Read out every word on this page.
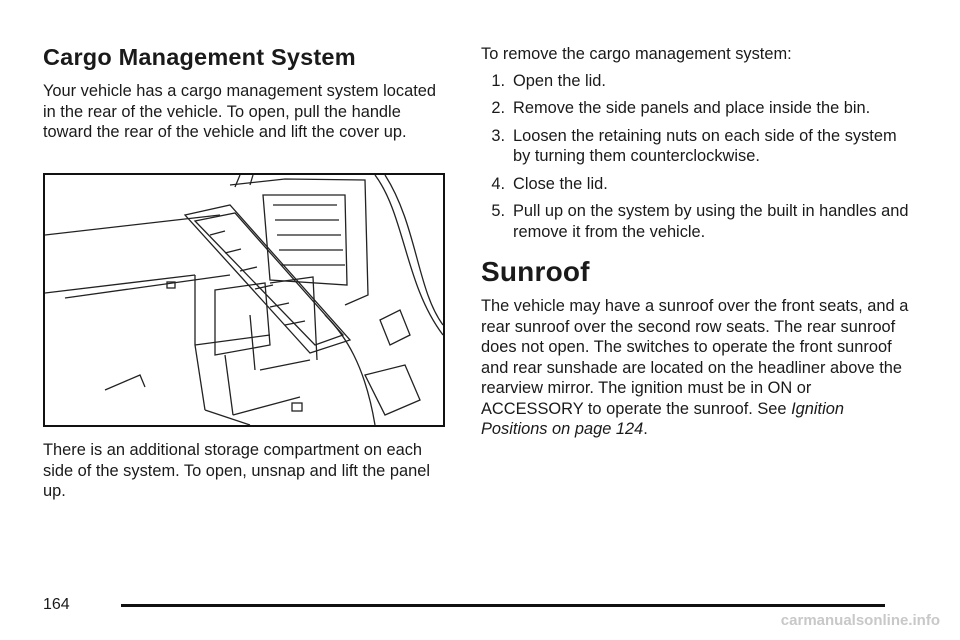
Cargo Management System

Your vehicle has a cargo management system located in the rear of the vehicle. To open, pull the handle toward the rear of the vehicle and lift the cover up.

There is an additional storage compartment on each side of the system. To open, unsnap and lift the panel up.

To remove the cargo management system:

1. Open the lid.
2. Remove the side panels and place inside the bin.
3. Loosen the retaining nuts on each side of the system by turning them counterclockwise.
4. Close the lid.
5. Pull up on the system by using the built in handles and remove it from the vehicle.
Sunroof

The vehicle may have a sunroof over the front seats, and a rear sunroof over the second row seats. The rear sunroof does not open. The switches to operate the front sunroof and rear sunshade are located on the headliner above the rearview mirror. The ignition must be in ON or ACCESSORY to operate the sunroof. See Ignition Positions on page 124.

164
carmanualsonline.info
